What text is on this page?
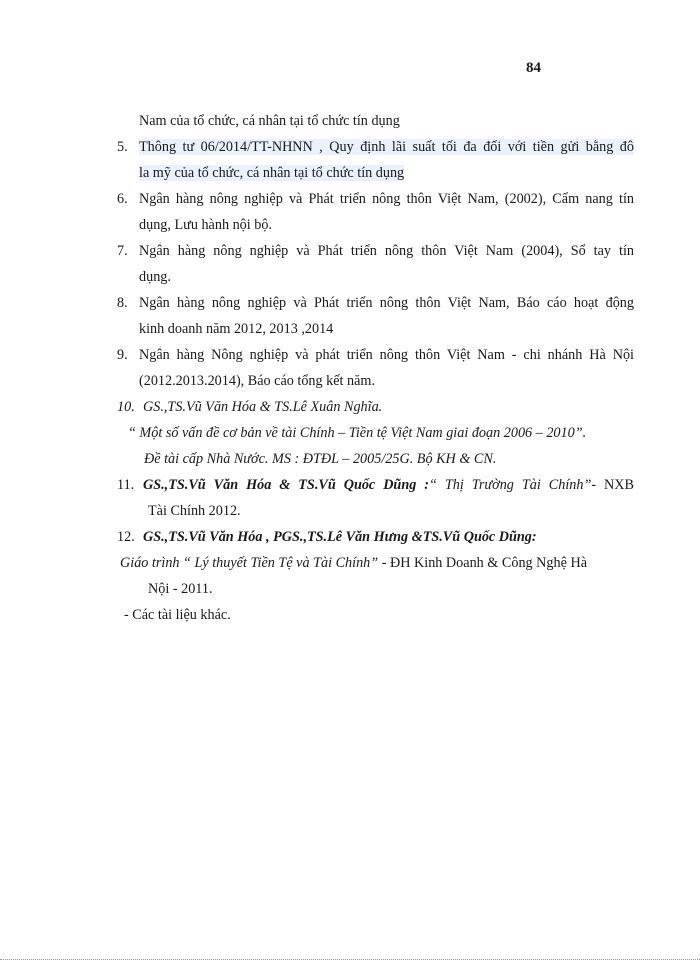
84
Nam của tổ chức, cá nhân tại tổ chức tín dụng
5. Thông tư 06/2014/TT-NHNN , Quy định lãi suất tối đa đối với tiền gửi bằng đô
la mỹ của tổ chức, cá nhân tại tổ chức tín dụng
6. Ngân hàng nông nghiệp và Phát triển nông thôn Việt Nam, (2002), Cẩm nang tín
dụng, Lưu hành nội bộ.
7. Ngân hàng nông nghiệp và Phát triển nông thôn Việt Nam (2004), Sổ tay tín
dụng.
8. Ngân hàng nông nghiệp và Phát triển nông thôn Việt Nam, Báo cáo hoạt động
kinh doanh năm 2012, 2013 ,2014
9. Ngân hàng Nông nghiệp và phát triển nông thôn Việt Nam - chi nhánh Hà Nội
(2012.2013.2014), Báo cáo tổng kết năm.
10. GS.,TS.Vũ Văn Hóa & TS.Lê Xuân Nghĩa.
“ Một số vấn đề cơ bản về tài Chính – Tiền tệ Việt Nam giai đoạn 2006 – 2010”.
Đề tài cấp Nhà Nước. MS : ĐTĐL – 2005/25G. Bộ KH & CN.
11. GS.,TS.Vũ Văn Hóa & TS.Vũ Quốc Dũng :“ Thị Trường Tài Chính”- NXB
Tài Chính 2012.
12. GS.,TS.Vũ Văn Hóa , PGS.,TS.Lê Văn Hưng &TS.Vũ Quốc Dũng:
Giáo trình “ Lý thuyết Tiền Tệ và Tài Chính” - ĐH Kinh Doanh & Công Nghệ Hà
Nội - 2011.
- Các tài liệu khác.
